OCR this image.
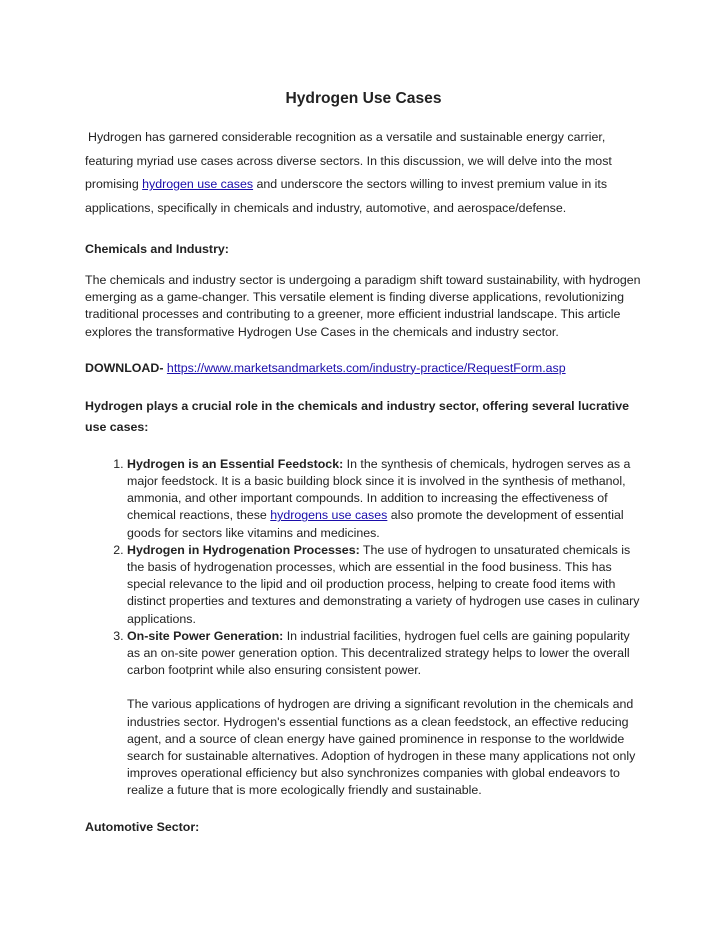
Hydrogen Use Cases

Hydrogen has garnered considerable recognition as a versatile and sustainable energy carrier, featuring myriad use cases across diverse sectors. In this discussion, we will delve into the most promising hydrogen use cases and underscore the sectors willing to invest premium value in its applications, specifically in chemicals and industry, automotive, and aerospace/defense.

Chemicals and Industry:

The chemicals and industry sector is undergoing a paradigm shift toward sustainability, with hydrogen emerging as a game-changer. This versatile element is finding diverse applications, revolutionizing traditional processes and contributing to a greener, more efficient industrial landscape. This article explores the transformative Hydrogen Use Cases in the chemicals and industry sector.

DOWNLOAD- https://www.marketsandmarkets.com/industry-practice/RequestForm.asp

Hydrogen plays a crucial role in the chemicals and industry sector, offering several lucrative use cases:

1. Hydrogen is an Essential Feedstock: In the synthesis of chemicals, hydrogen serves as a major feedstock. It is a basic building block since it is involved in the synthesis of methanol, ammonia, and other important compounds. In addition to increasing the effectiveness of chemical reactions, these hydrogens use cases also promote the development of essential goods for sectors like vitamins and medicines.
2. Hydrogen in Hydrogenation Processes: The use of hydrogen to unsaturated chemicals is the basis of hydrogenation processes, which are essential in the food business. This has special relevance to the lipid and oil production process, helping to create food items with distinct properties and textures and demonstrating a variety of hydrogen use cases in culinary applications.
3. On-site Power Generation: In industrial facilities, hydrogen fuel cells are gaining popularity as an on-site power generation option. This decentralized strategy helps to lower the overall carbon footprint while also ensuring consistent power.

The various applications of hydrogen are driving a significant revolution in the chemicals and industries sector. Hydrogen's essential functions as a clean feedstock, an effective reducing agent, and a source of clean energy have gained prominence in response to the worldwide search for sustainable alternatives. Adoption of hydrogen in these many applications not only improves operational efficiency but also synchronizes companies with global endeavors to realize a future that is more ecologically friendly and sustainable.

Automotive Sector:
